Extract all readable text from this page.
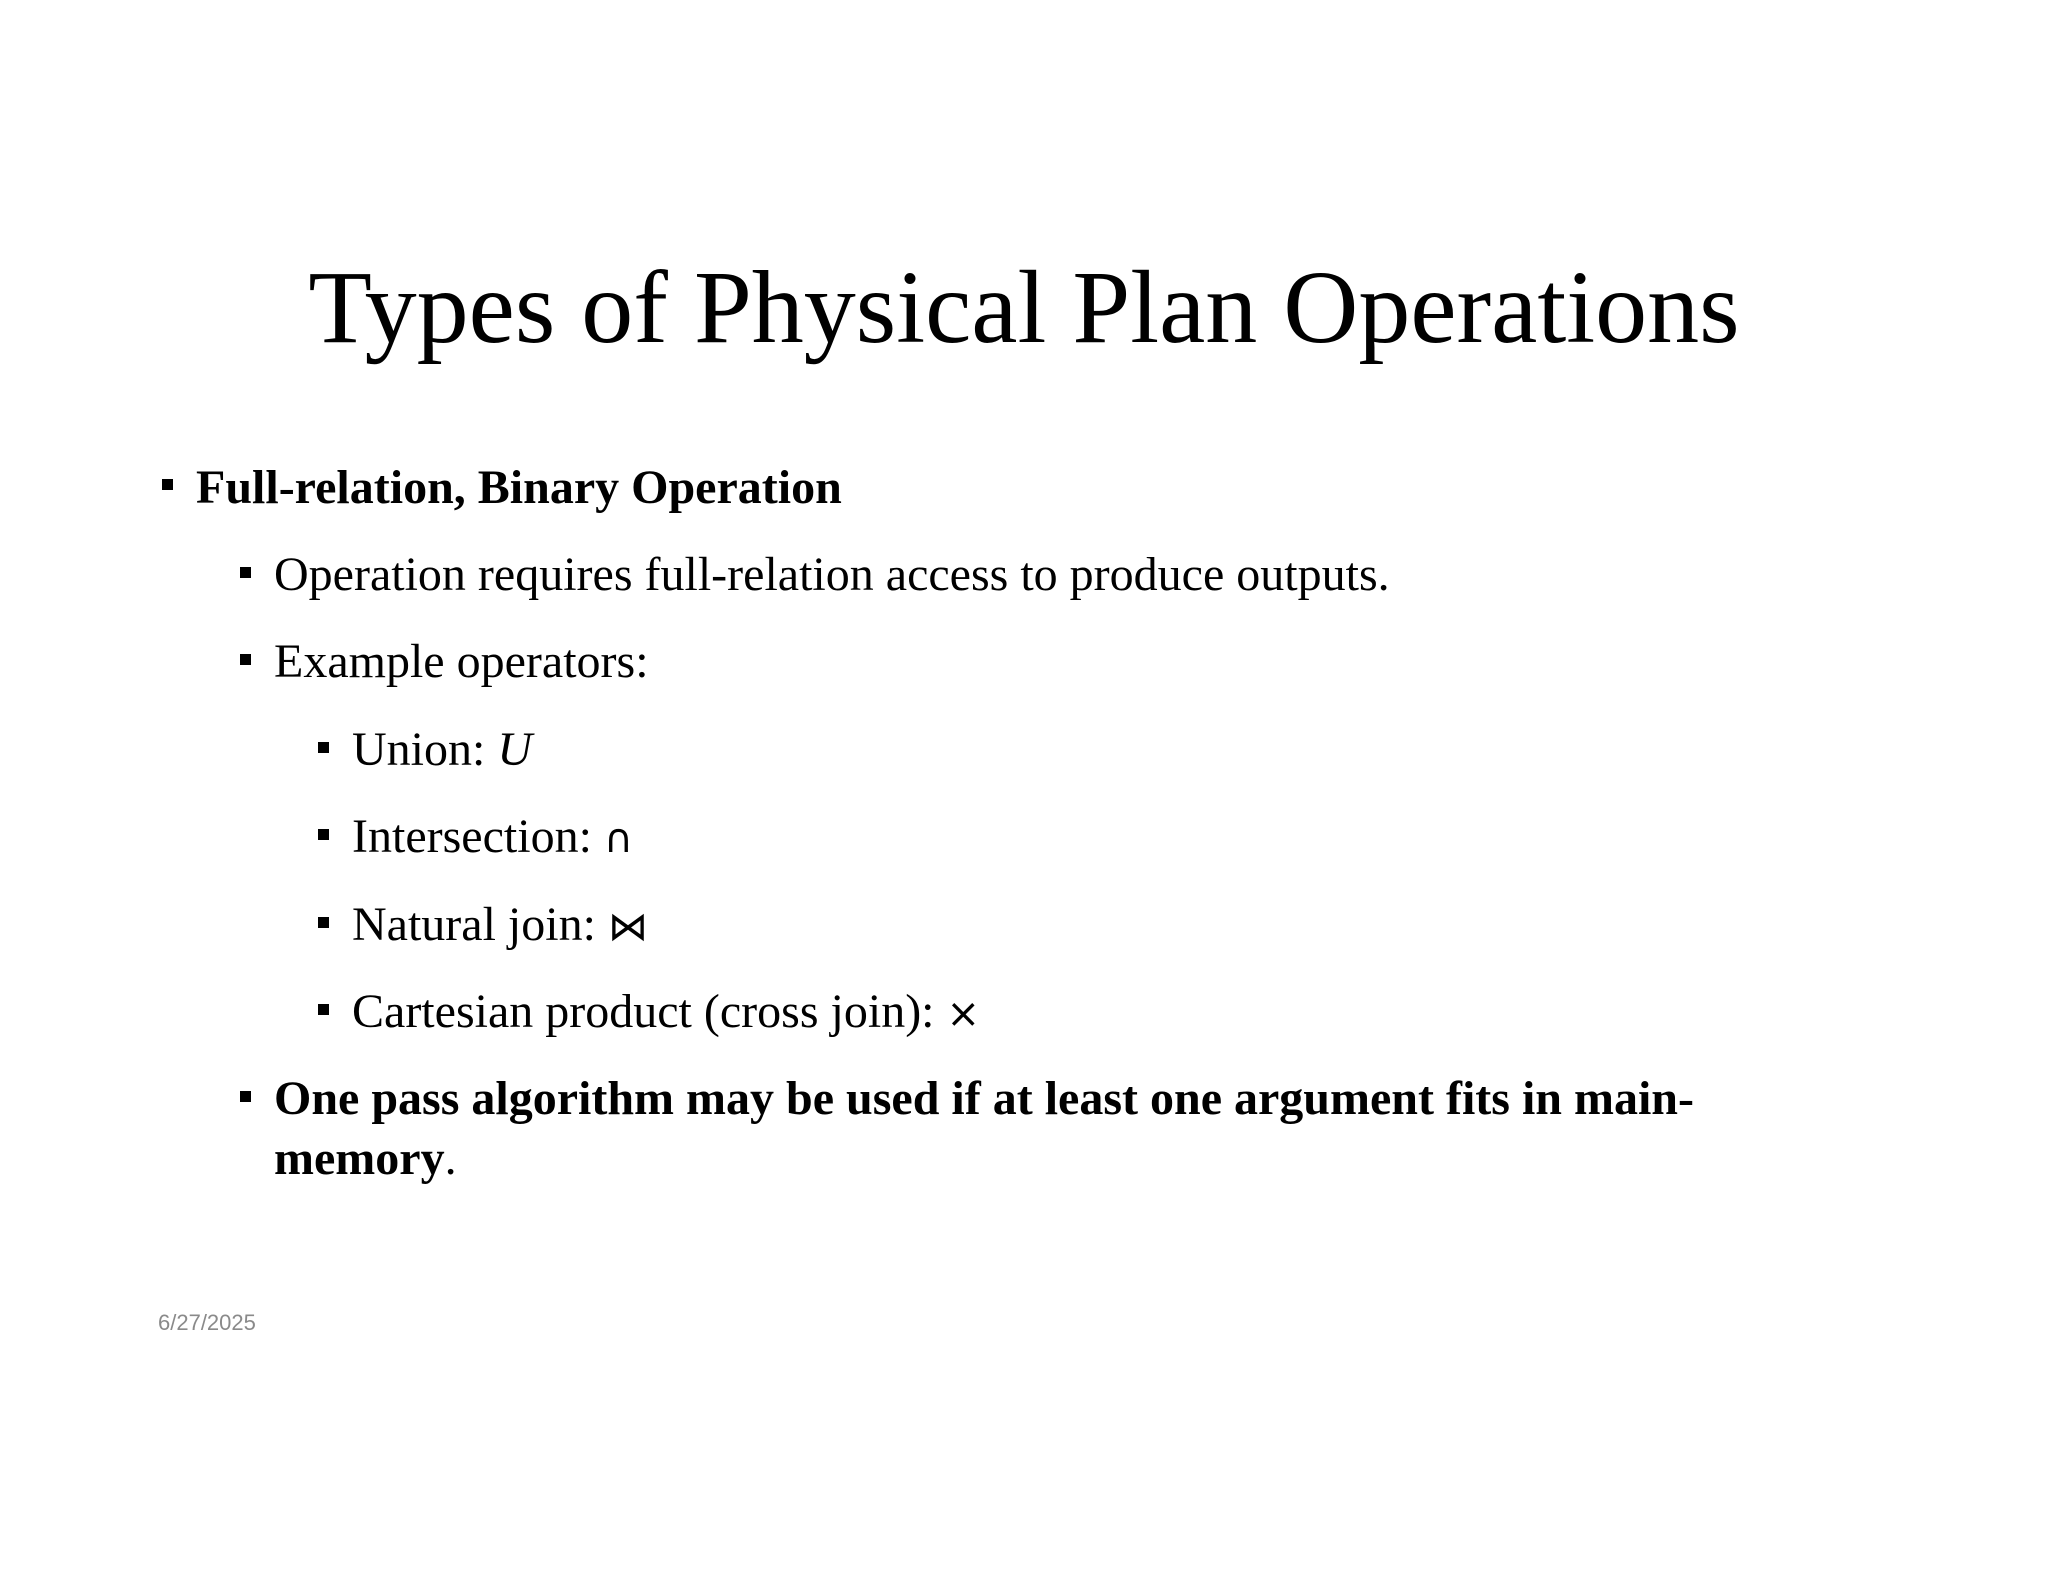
Types of Physical Plan Operations
Full-relation, Binary Operation
Operation requires full-relation access to produce outputs.
Example operators:
Union: U
Intersection: ∩
Natural join: ⋈
Cartesian product (cross join): ×
One pass algorithm may be used if at least one argument fits in main-
memory.
6/27/2025
